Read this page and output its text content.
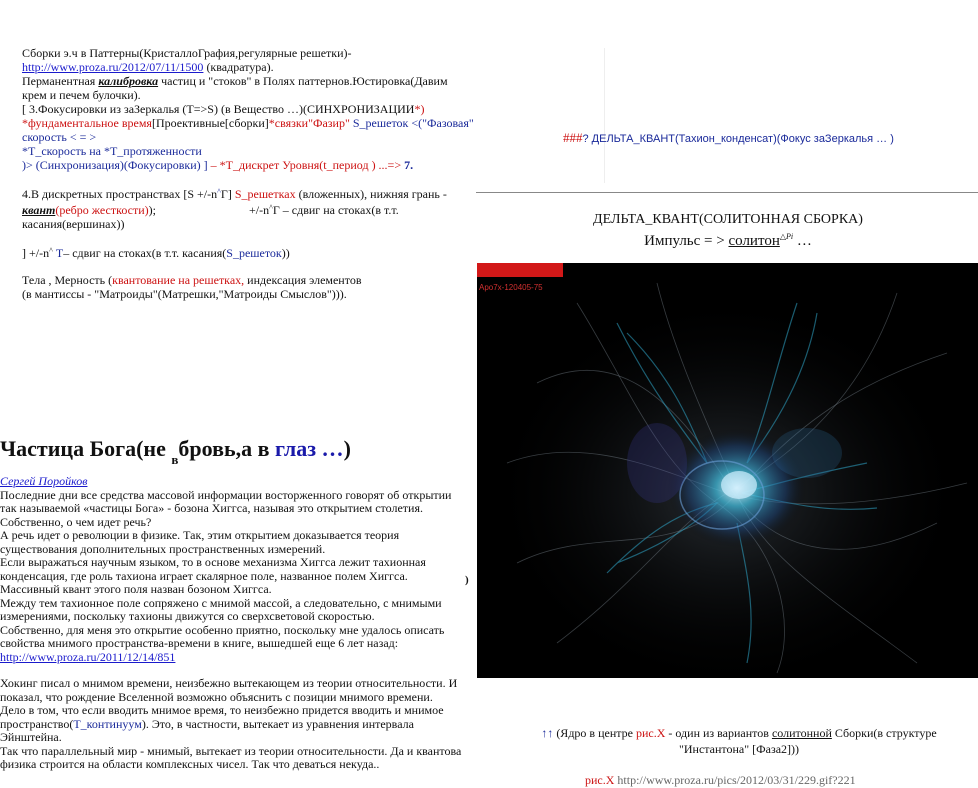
Сборки э.ч в Паттерны(КристаллоГрафия,регулярные решетки)-
http://www.proza.ru/2012/07/11/1500 (квадратура).
Перманентная калибровка частиц и "стоков" в Полях паттернов.Юстировка(Давим
крем и печем булочки).
[ 3.Фокусировки из заЗеркалья (Т=>S) (в Вещество …)(СИНХРОНИЗАЦИИ*)
*фундаментальное время[Проективные[сборки]*связки"Фазир" S_решеток <("Фазовая"
скорость < = >
*Т_скорость на *Т_протяженности
)> (Синхронизация)(Фокусировки) ] – *Т_дискрет Уровня(t_период ) ...=> 7.
4.В дискретных пространствах [S +/-n^Г] S_решетках (вложенных), нижняя грань -
квант(ребро жесткости));	+/-n^Г – сдвиг на стоках(в т.т.
касания(вершинах))
] +/-n^ Т– сдвиг на стоках(в т.т. касания(S_решеток))
Тела , Мерность (квантование на решетках, индексация элементов
(в мантиссы - "Матроиды"(Матрешки,"Матроиды Смыслов"))).
###? ДЕЛЬТА_КВАНТ(Тахион_конденсат)(Фокус заЗеркалья … )
ДЕЛЬТА_КВАНТ(СОЛИТОННАЯ СБОРКА)
Импульс = > солитон$^{\triangle Pi}$ …
Apo7x-120405-75
Частица Бога(не $_в$бровь,а в глаз …)
Сергей Поройков
Последние дни все средства массовой информации восторженного говорят об открытии
так называемой «частицы Бога» - бозона Хиггса, называя это открытием столетия.
Собственно, о чем идет речь?
А речь идет о революции в физике. Так, этим открытием доказывается теория
существования дополнительных пространственных измерений.
Если выражаться научным языком, то в основе механизма Хиггса лежит тахионная
конденсация, где роль тахиона играет скалярное поле, названное полем Хиггса.
Массивный квант этого поля назван бозоном Хиггса.
Между тем тахионное поле сопряжено с мнимой массой, а следовательно, с мнимыми
измерениями, поскольку тахионы движутся со сверхсветовой скоростью.
Собственно, для меня это открытие особенно приятно, поскольку мне удалось описать
свойства мнимого пространства-времени в книге, вышедшей еще 6 лет назад:
http://www.proza.ru/2011/12/14/851
Хокинг писал о мнимом времени, неизбежно вытекающем из теории относительности. И
показал, что рождение Вселенной возможно объяснить с позиции мнимого времени.
Дело в том, что если вводить мнимое время, то неизбежно придется вводить и мнимое
пространство(Т_континуум). Это, в частности, вытекает из уравнения интервала
Эйнштейна.
Так что параллельный мир - мнимый, вытекает из теории относительности. Да и квантова
физика строится на области комплексных чисел. Так что деваться некуда..
)
↑↑ (Ядро в центре рис.Х - один из вариантов солитонной Сборки(в структуре
"Инстантона" [Фаза2]))
рис.Х http://www.proza.ru/pics/2012/03/31/229.gif?221
